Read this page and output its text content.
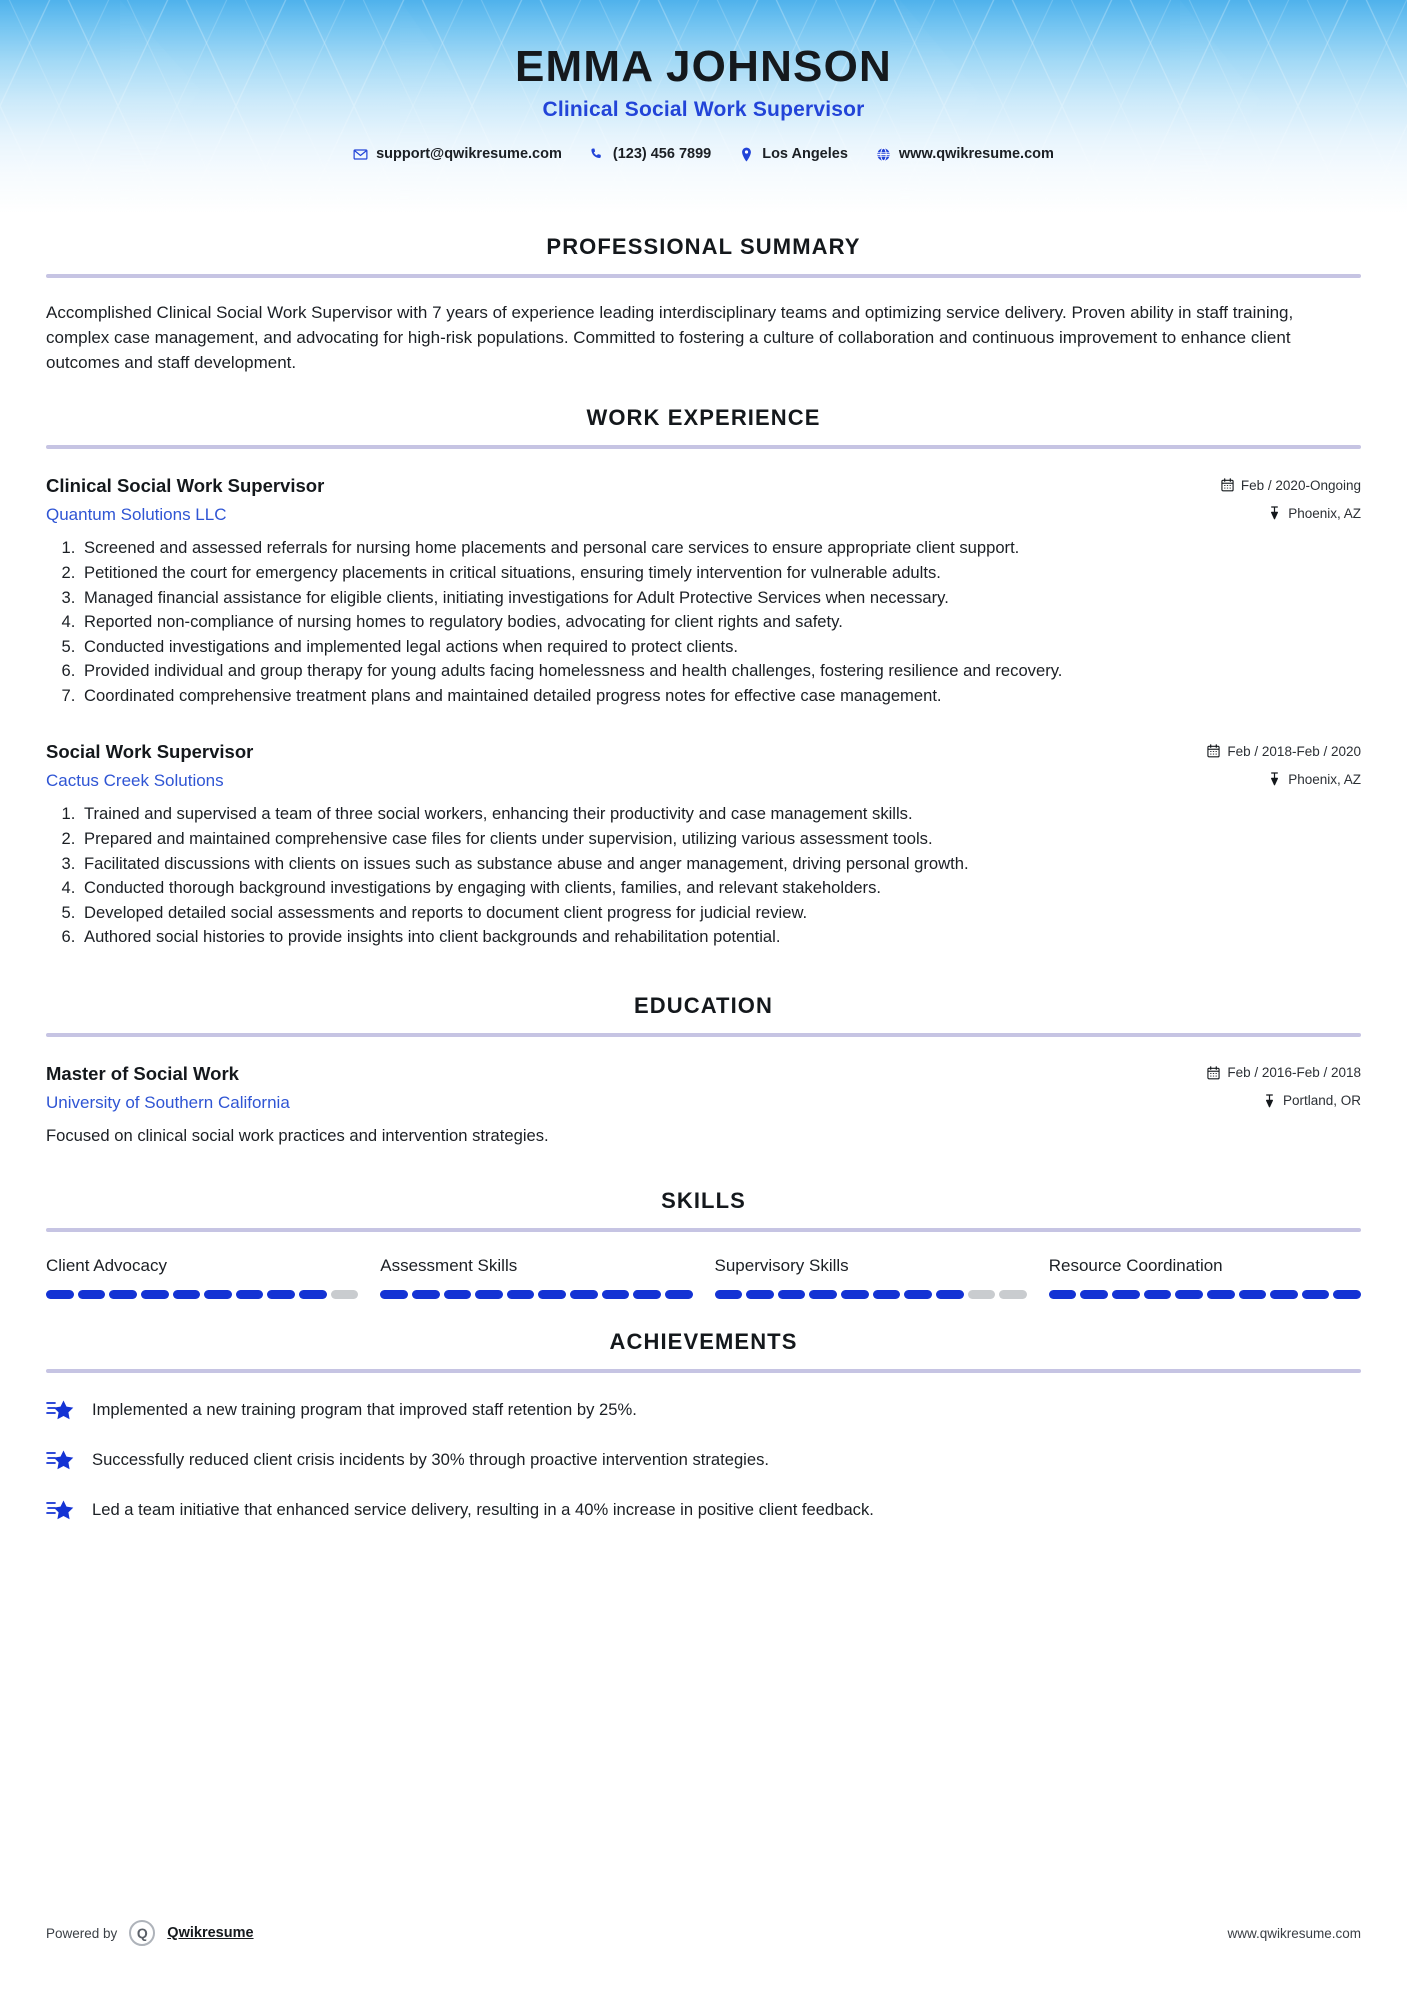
EMMA JOHNSON
Clinical Social Work Supervisor
support@qwikresume.com	(123) 456 7899	Los Angeles	www.qwikresume.com
PROFESSIONAL SUMMARY

Accomplished Clinical Social Work Supervisor with 7 years of experience leading interdisciplinary teams and optimizing service delivery. Proven ability in staff training, complex case management, and advocating for high-risk populations. Committed to fostering a culture of collaboration and continuous improvement to enhance client outcomes and staff development.

WORK EXPERIENCE
Clinical Social Work Supervisor	Feb / 2020-Ongoing
Quantum Solutions LLC	Phoenix, AZ
1. Screened and assessed referrals for nursing home placements and personal care services to ensure appropriate client support.
2. Petitioned the court for emergency placements in critical situations, ensuring timely intervention for vulnerable adults.
3. Managed financial assistance for eligible clients, initiating investigations for Adult Protective Services when necessary.
4. Reported non-compliance of nursing homes to regulatory bodies, advocating for client rights and safety.
5. Conducted investigations and implemented legal actions when required to protect clients.
6. Provided individual and group therapy for young adults facing homelessness and health challenges, fostering resilience and recovery.
7. Coordinated comprehensive treatment plans and maintained detailed progress notes for effective case management.
Social Work Supervisor	Feb / 2018-Feb / 2020
Cactus Creek Solutions	Phoenix, AZ
1. Trained and supervised a team of three social workers, enhancing their productivity and case management skills.
2. Prepared and maintained comprehensive case files for clients under supervision, utilizing various assessment tools.
3. Facilitated discussions with clients on issues such as substance abuse and anger management, driving personal growth.
4. Conducted thorough background investigations by engaging with clients, families, and relevant stakeholders.
5. Developed detailed social assessments and reports to document client progress for judicial review.
6. Authored social histories to provide insights into client backgrounds and rehabilitation potential.
EDUCATION
Master of Social Work	Feb / 2016-Feb / 2018
University of Southern California	Portland, OR
Focused on clinical social work practices and intervention strategies.
SKILLS
Client Advocacy	Assessment Skills	Supervisory Skills	Resource Coordination
ACHIEVEMENTS
Implemented a new training program that improved staff retention by 25%.
Successfully reduced client crisis incidents by 30% through proactive intervention strategies.
Led a team initiative that enhanced service delivery, resulting in a 40% increase in positive client feedback.
Powered by	Q	Qwikresume	www.qwikresume.com
